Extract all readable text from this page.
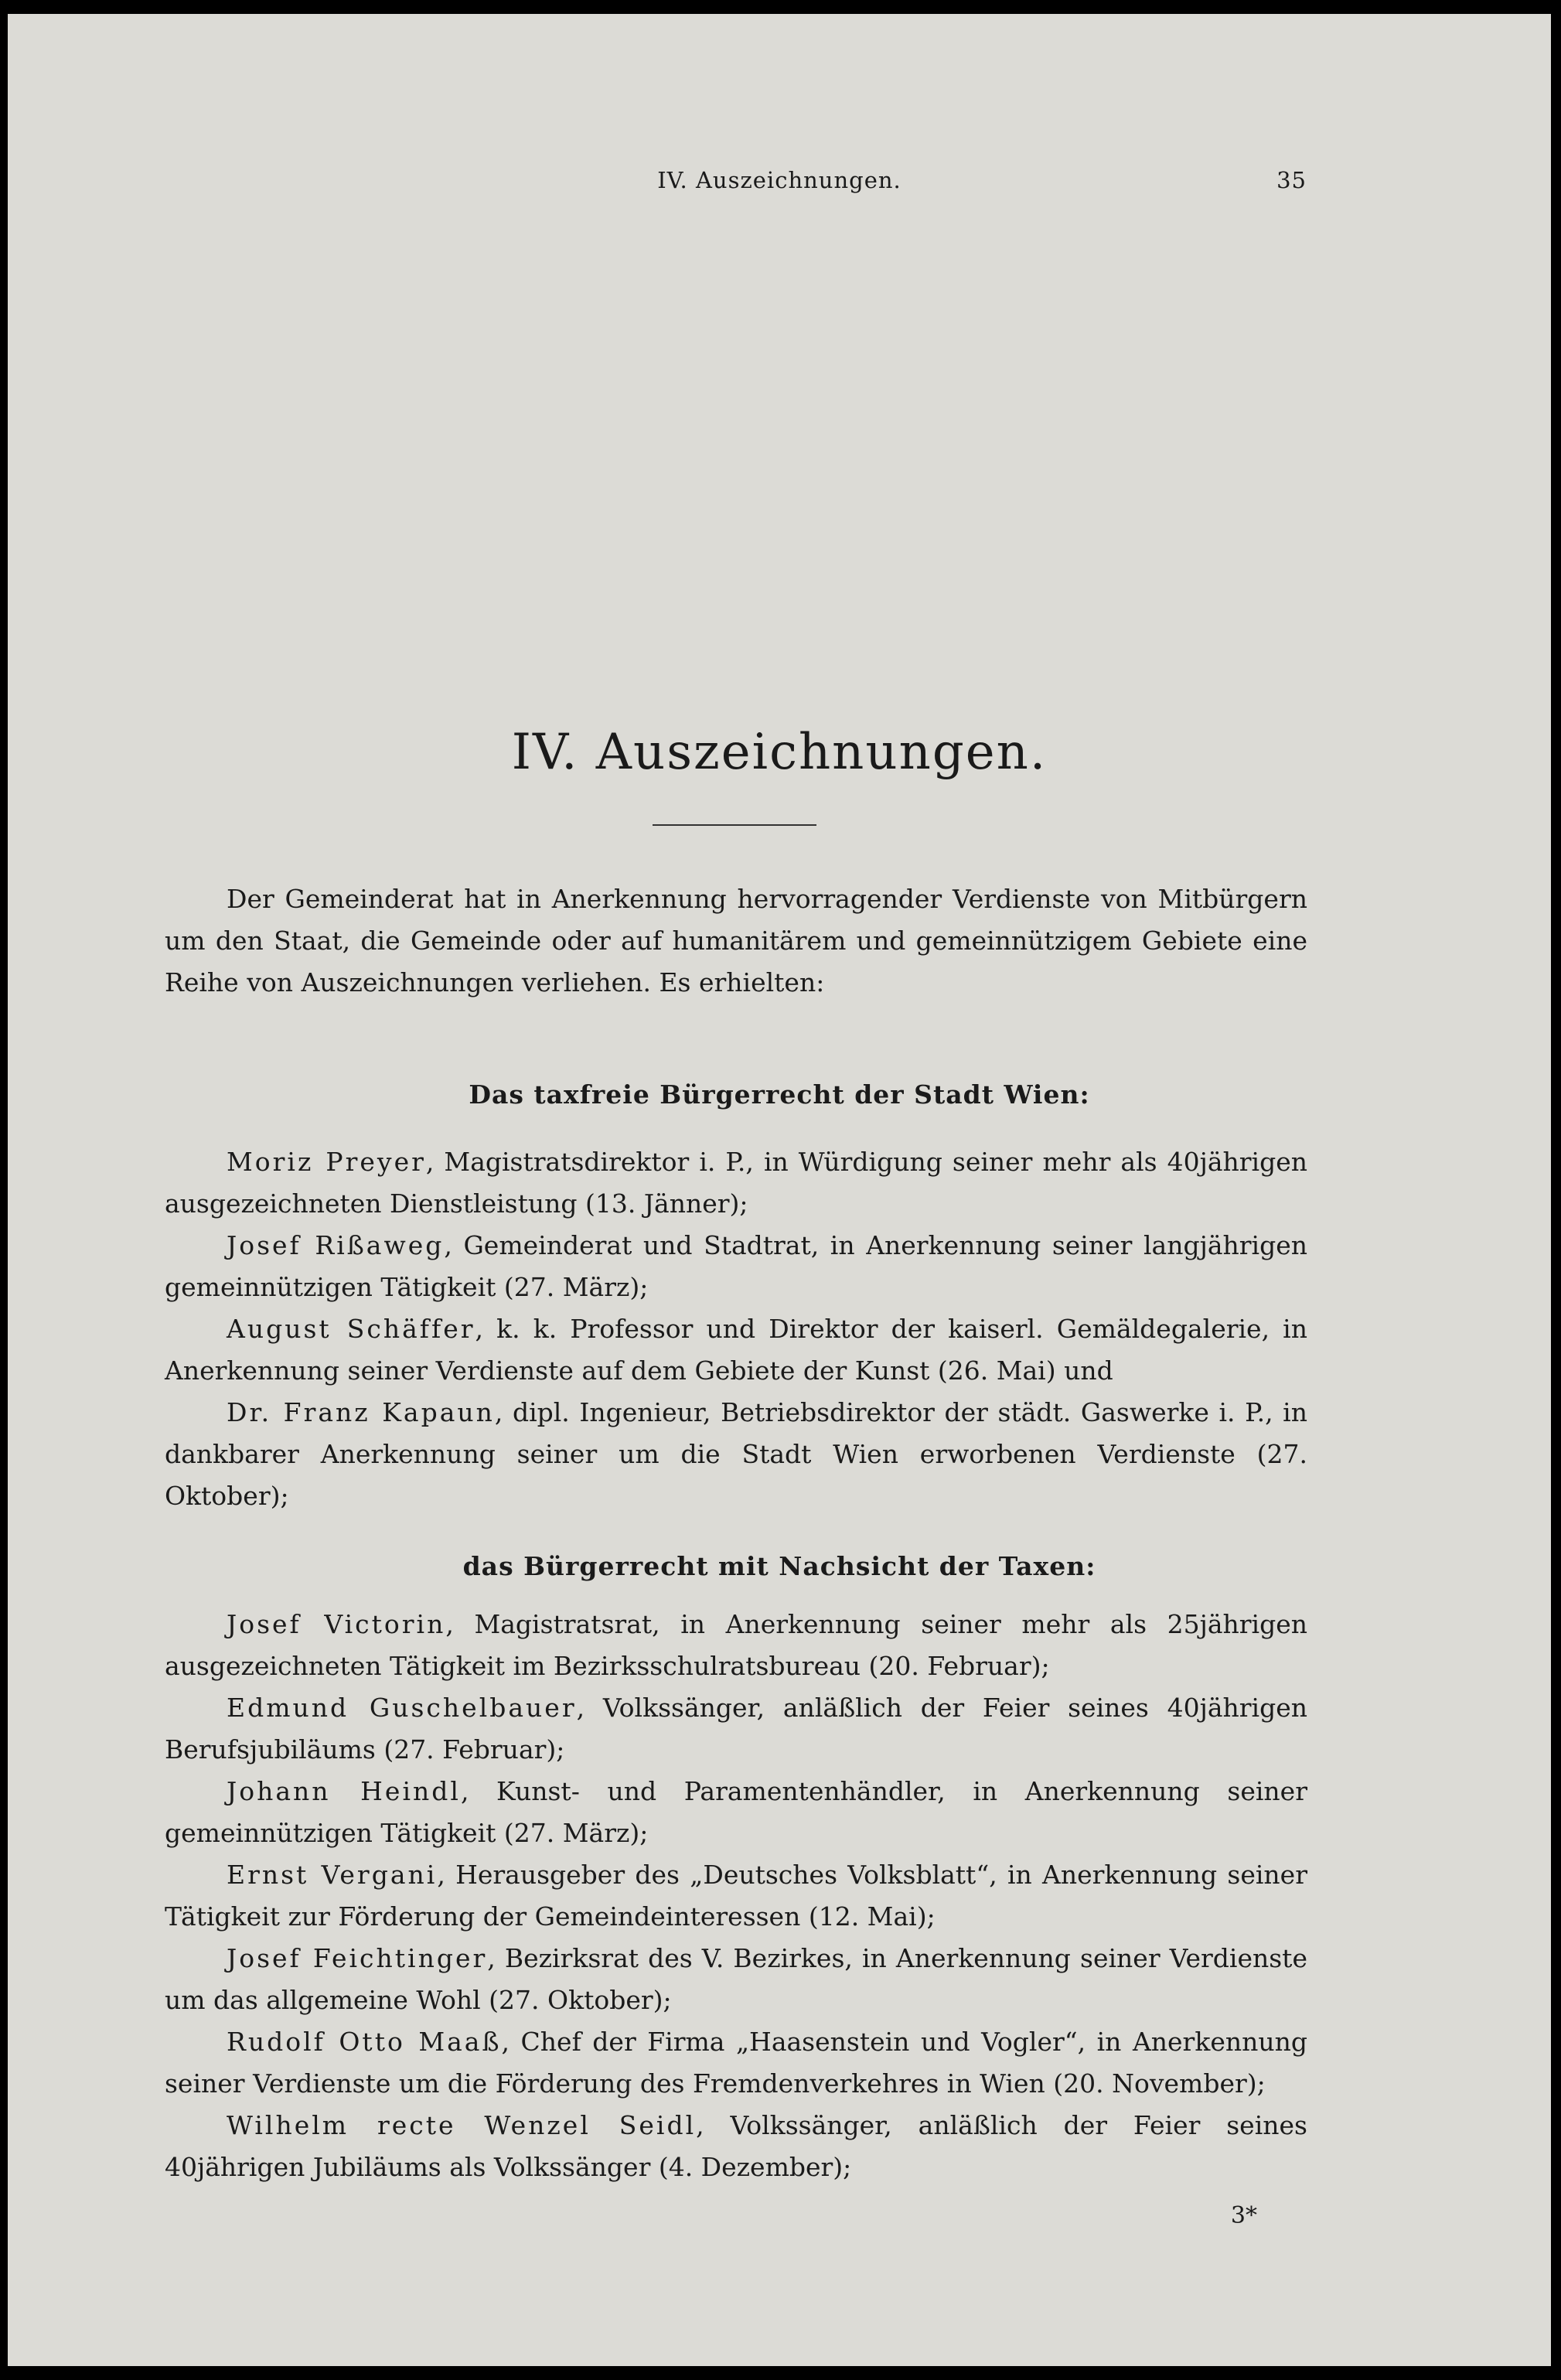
IV. Auszeichnungen.	35
IV. Auszeichnungen.

Der Gemeinderat hat in Anerkennung hervorragender Verdienste von Mitbürgern um den Staat, die Gemeinde oder auf humanitärem und gemeinnützigem Gebiete eine Reihe von Auszeichnungen verliehen. Es erhielten:

Das taxfreie Bürgerrecht der Stadt Wien:

Moriz Preyer, Magistratsdirektor i. P., in Würdigung seiner mehr als 40jährigen ausgezeichneten Dienstleistung (13. Jänner);

Josef Rißaweg, Gemeinderat und Stadtrat, in Anerkennung seiner langjährigen gemeinnützigen Tätigkeit (27. März);

August Schäffer, k. k. Professor und Direktor der kaiserl. Gemäldegalerie, in Anerkennung seiner Verdienste auf dem Gebiete der Kunst (26. Mai) und

Dr. Franz Kapaun, dipl. Ingenieur, Betriebsdirektor der städt. Gaswerke i. P., in dankbarer Anerkennung seiner um die Stadt Wien erworbenen Verdienste (27. Oktober);

das Bürgerrecht mit Nachsicht der Taxen:

Josef Victorin, Magistratsrat, in Anerkennung seiner mehr als 25jährigen ausgezeichneten Tätigkeit im Bezirksschulratsbureau (20. Februar);

Edmund Guschelbauer, Volkssänger, anläßlich der Feier seines 40jährigen Berufsjubiläums (27. Februar);

Johann Heindl, Kunst- und Paramentenhändler, in Anerkennung seiner gemeinnützigen Tätigkeit (27. März);

Ernst Vergani, Herausgeber des „Deutsches Volksblatt“, in Anerkennung seiner Tätigkeit zur Förderung der Gemeindeinteressen (12. Mai);

Josef Feichtinger, Bezirksrat des V. Bezirkes, in Anerkennung seiner Verdienste um das allgemeine Wohl (27. Oktober);

Rudolf Otto Maaß, Chef der Firma „Haasenstein und Vogler“, in Anerkennung seiner Verdienste um die Förderung des Fremdenverkehres in Wien (20. November);

Wilhelm recte Wenzel Seidl, Volkssänger, anläßlich der Feier seines 40jährigen Jubiläums als Volkssänger (4. Dezember);

3*
